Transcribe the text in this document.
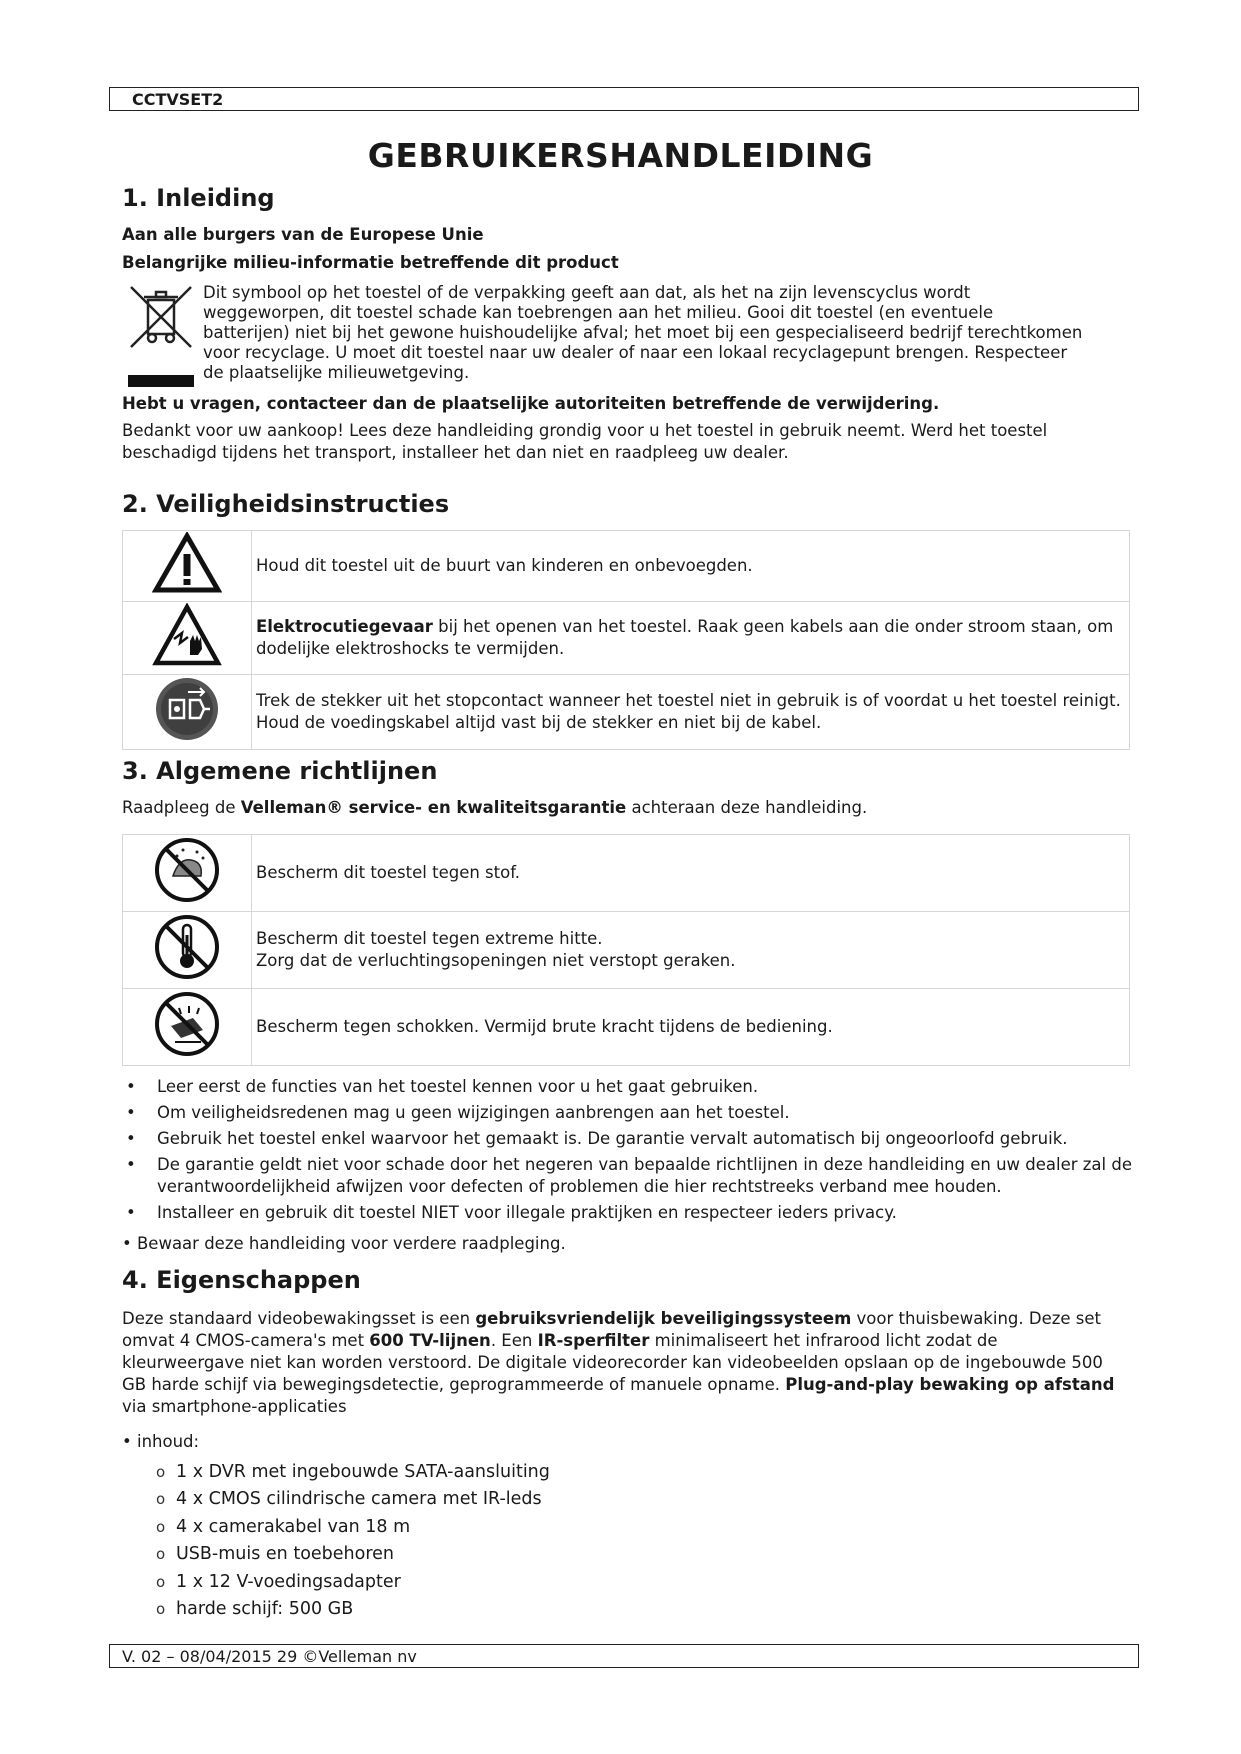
CCTVSET2
GEBRUIKERSHANDLEIDING
1. Inleiding
Aan alle burgers van de Europese Unie
Belangrijke milieu-informatie betreffende dit product
Dit symbool op het toestel of de verpakking geeft aan dat, als het na zijn levenscyclus wordt weggeworpen, dit toestel schade kan toebrengen aan het milieu. Gooi dit toestel (en eventuele batterijen) niet bij het gewone huishoudelijke afval; het moet bij een gespecialiseerd bedrijf terechtkomen voor recyclage. U moet dit toestel naar uw dealer of naar een lokaal recyclagepunt brengen. Respecteer de plaatselijke milieuwetgeving.
Hebt u vragen, contacteer dan de plaatselijke autoriteiten betreffende de verwijdering.
Bedankt voor uw aankoop! Lees deze handleiding grondig voor u het toestel in gebruik neemt. Werd het toestel beschadigd tijdens het transport, installeer het dan niet en raadpleeg uw dealer.
2. Veiligheidsinstructies
	Houd dit toestel uit de buurt van kinderen en onbevoegden.
	Elektrocutiegevaar bij het openen van het toestel. Raak geen kabels aan die onder stroom staan, om dodelijke elektroshocks te vermijden.
	Trek de stekker uit het stopcontact wanneer het toestel niet in gebruik is of voordat u het toestel reinigt. Houd de voedingskabel altijd vast bij de stekker en niet bij de kabel.
3. Algemene richtlijnen
Raadpleeg de Velleman® service- en kwaliteitsgarantie achteraan deze handleiding.
	Bescherm dit toestel tegen stof.

Bescherm dit toestel tegen extreme hitte.
Zorg dat de verluchtingsopeningen niet verstopt geraken.

	Bescherm tegen schokken. Vermijd brute kracht tijdens de bediening.
• Leer eerst de functies van het toestel kennen voor u het gaat gebruiken.
• Om veiligheidsredenen mag u geen wijzigingen aanbrengen aan het toestel.
• Gebruik het toestel enkel waarvoor het gemaakt is. De garantie vervalt automatisch bij ongeoorloofd gebruik.
• De garantie geldt niet voor schade door het negeren van bepaalde richtlijnen in deze handleiding en uw dealer zal de verantwoordelijkheid afwijzen voor defecten of problemen die hier rechtstreeks verband mee houden.
• Installeer en gebruik dit toestel NIET voor illegale praktijken en respecteer ieders privacy.
• Bewaar deze handleiding voor verdere raadpleging.
4. Eigenschappen
Deze standaard videobewakingsset is een gebruiksvriendelijk beveiligingssysteem voor thuisbewaking. Deze set omvat 4 CMOS-camera's met 600 TV-lijnen. Een IR-sperfilter minimaliseert het infrarood licht zodat de kleurweergave niet kan worden verstoord. De digitale videorecorder kan videobeelden opslaan op de ingebouwde 500 GB harde schijf via bewegingsdetectie, geprogrammeerde of manuele opname. Plug-and-play bewaking op afstand via smartphone-applicaties
• inhoud:
o 1 x DVR met ingebouwde SATA-aansluiting
o 4 x CMOS cilindrische camera met IR-leds
o 4 x camerakabel van 18 m
o USB-muis en toebehoren
o 1 x 12 V-voedingsadapter
o harde schijf: 500 GB
V. 02 – 08/04/2015 29 ©Velleman nv
